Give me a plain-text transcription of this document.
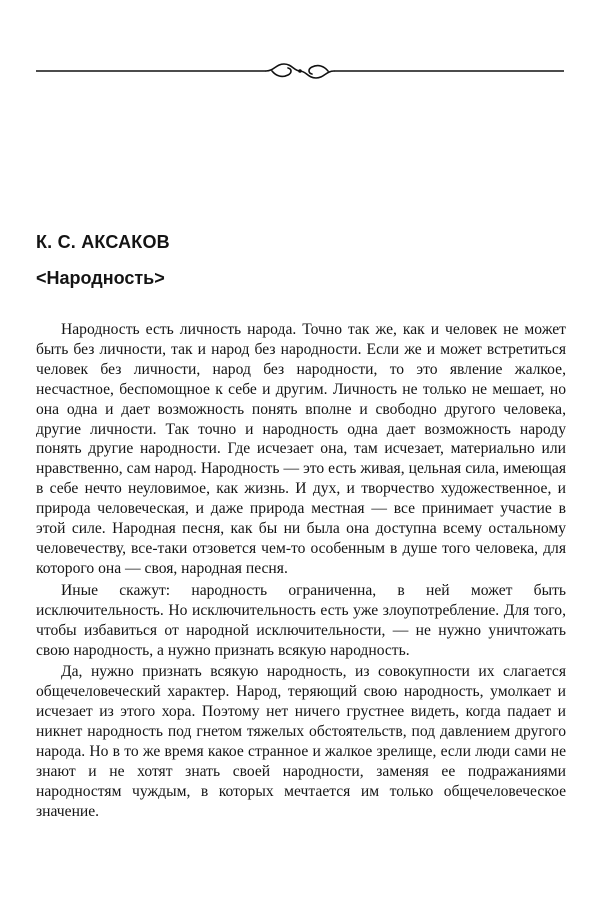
К. С. АКСАКОВ
<Народность>

Народность есть личность народа. Точно так же, как и человек не может быть без личности, так и народ без народности. Если же и может встретиться человек без личности, народ без народности, то это явление жалкое, несчастное, беспомощное к себе и другим. Личность не только не мешает, но она одна и дает возможность понять вполне и свободно другого человека, другие личности. Так точно и народность одна дает возможность народу понять другие народности. Где исчезает она, там исчезает, материально или нравственно, сам народ. Народность — это есть живая, цельная сила, имеющая в себе нечто неуловимое, как жизнь. И дух, и творчество художественное, и природа человеческая, и даже природа местная — все принимает участие в этой силе. Народная песня, как бы ни была она доступна всему остальному человечеству, все-таки отзовется чем-то особенным в душе того человека, для которого она — своя, народная песня.

Иные скажут: народность ограниченна, в ней может быть исключительность. Но исключительность есть уже злоупотребление. Для того, чтобы избавиться от народной исключительности, — не нужно уничтожать свою народность, а нужно признать всякую народность.

Да, нужно признать всякую народность, из совокупности их слагается общечеловеческий характер. Народ, теряющий свою народность, умолкает и исчезает из этого хора. Поэтому нет ничего грустнее видеть, когда падает и никнет народность под гнетом тяжелых обстоятельств, под давлением другого народа. Но в то же время какое странное и жалкое зрелище, если люди сами не знают и не хотят знать своей народности, заменяя ее подражаниями народностям чуждым, в которых мечтается им только общечеловеческое значение.
